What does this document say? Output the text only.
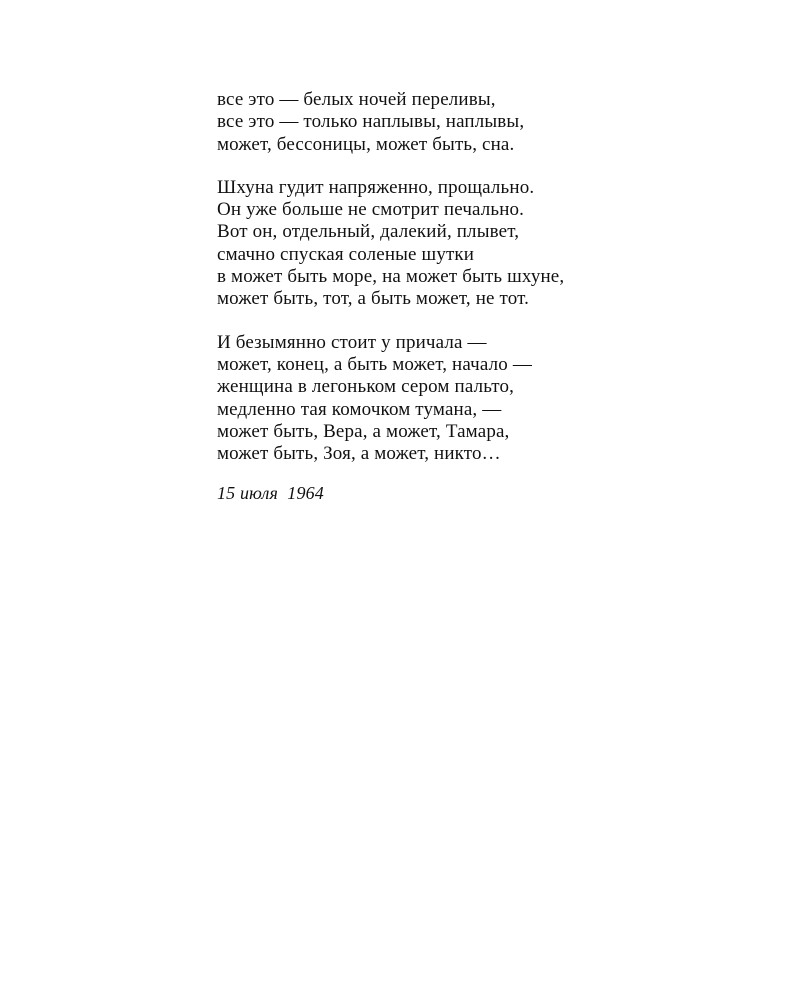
все это — белых ночей переливы,
все это — только наплывы, наплывы,
может, бессоницы, может быть, сна.

Шхуна гудит напряженно, прощально.
Он уже больше не смотрит печально.
Вот он, отдельный, далекий, плывет,
смачно спуская соленые шутки
в может быть море, на может быть шхуне,
может быть, тот, а быть может, не тот.

И безымянно стоит у причала —
может, конец, а быть может, начало —
женщина в легоньком сером пальто,
медленно тая комочком тумана, —
может быть, Вера, а может, Тамара,
может быть, Зоя, а может, никто…

15 июля  1964
